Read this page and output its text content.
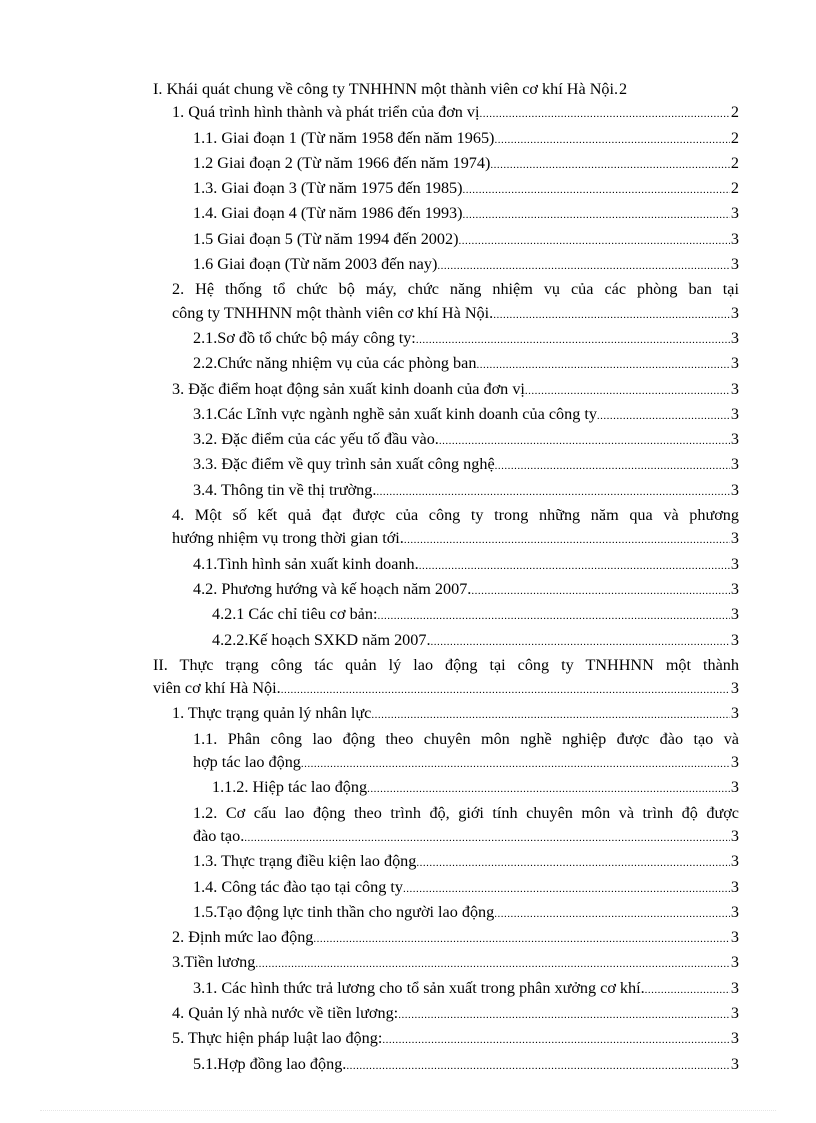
I. Khái quát chung về công ty TNHHNN một thành viên cơ khí Hà Nội. 2
1. Quá trình hình thành và phát triển của đơn vị .....	2
1.1. Giai đoạn 1 (Từ năm 1958 đến năm 1965) .....	2
1.2 Giai đoạn 2 (Từ năm 1966 đến năm 1974) .....	2
1.3. Giai đoạn 3 (Từ năm 1975 đến 1985) .....	2
1.4. Giai đoạn 4 (Từ năm 1986 đến 1993) .....	3
1.5 Giai đoạn 5 (Từ năm 1994 đến 2002) .....	3
1.6 Giai đoạn (Từ năm 2003 đến nay) .....	3
2. Hệ thống tổ chức bộ máy, chức năng nhiệm vụ của các phòng ban tại
công ty TNHHNN một thành viên cơ khí Hà Nội. .....	3
2.1.Sơ đồ tổ chức bộ máy công ty: .....	3
2.2.Chức năng nhiệm vụ của các phòng ban .....	3
3. Đặc điểm hoạt động sản xuất kinh doanh của đơn vị .....	3
3.1.Các Lĩnh vực ngành nghề sản xuất kinh doanh của công ty .....	3
3.2. Đặc điểm của các yếu tố đầu vào. .....	3
3.3. Đặc điểm về quy trình sản xuất công nghệ .....	3
3.4. Thông tin về thị trường. .....	3
4. Một số kết quả đạt được của công ty trong những năm qua và phương
hướng nhiệm vụ trong thời gian tới. .....	3
4.1.Tình hình sản xuất kinh doanh. .....	3
4.2. Phương hướng và kế hoạch năm 2007. .....	3
4.2.1 Các chỉ tiêu cơ bản: .....	3
4.2.2.Kế hoạch SXKD năm 2007. .....	3
II. Thực trạng công tác quản lý lao động tại công ty TNHHNN một thành
viên cơ khí Hà Nội. .....	3
1. Thực trạng quản lý nhân lực .....	3
1.1. Phân công lao động theo chuyên môn nghề nghiệp được đào tạo và
hợp tác lao động .....	3
1.1.2. Hiệp tác lao động .....	3
1.2. Cơ cấu lao động theo trình độ, giới tính chuyên môn và trình độ được
đào tạo. .....	3
1.3. Thực trạng điều kiện lao động .....	3
1.4. Công tác đào tạo tại công ty .....	3
1.5.Tạo động lực tinh thần cho người lao động .....	3
2. Định mức lao động .....	3
3.Tiền lương .....	3
3.1. Các hình thức trả lương cho tổ sản xuất trong phân xưởng cơ khí. .....	3
4. Quản lý nhà nước về tiền lương: .....	3
5. Thực hiện pháp luật lao động: .....	3
5.1.Hợp đồng lao động. .....	3
